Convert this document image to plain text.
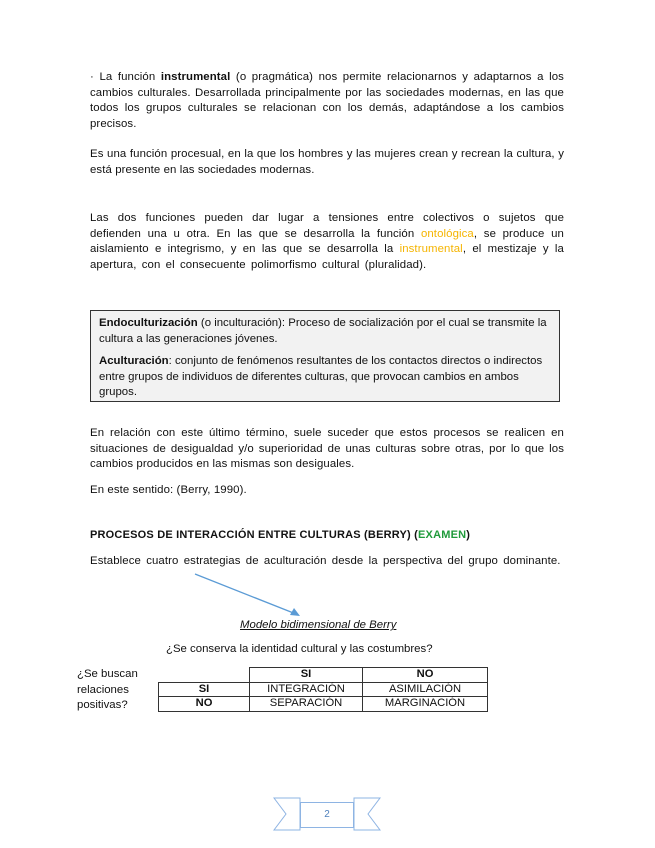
· La función instrumental (o pragmática) nos permite relacionarnos y adaptarnos a los cambios culturales. Desarrollada principalmente por las sociedades modernas, en las que todos los grupos culturales se relacionan con los demás, adaptándose a los cambios precisos.

Es una función procesual, en la que los hombres y las mujeres crean y recrean la cultura, y está presente en las sociedades modernas.

Las dos funciones pueden dar lugar a tensiones entre colectivos o sujetos que defienden una u otra. En las que se desarrolla la función ontológica, se produce un aislamiento e integrismo, y en las que se desarrolla la instrumental, el mestizaje y la apertura, con el consecuente polimorfismo cultural (pluralidad).

Endoculturización (o inculturación): Proceso de socialización por el cual se transmite la cultura a las generaciones jóvenes.

Aculturación: conjunto de fenómenos resultantes de los contactos directos o indirectos entre grupos de individuos de diferentes culturas, que provocan cambios en ambos grupos.

En relación con este último término, suele suceder que estos procesos se realicen en situaciones de desigualdad y/o superioridad de unas culturas sobre otras, por lo que los cambios producidos en las mismas son desiguales.

En este sentido: (Berry, 1990).

PROCESOS DE INTERACCIÓN ENTRE CULTURAS (BERRY) (EXAMEN)

Establece cuatro estrategias de aculturación desde la perspectiva del grupo dominante.

Modelo bidimensional de Berry
¿Se conserva la identidad cultural y las costumbres?
¿Se buscan
relaciones
positivas?
	SI	NO
SI	INTEGRACIÓN	ASIMILACIÓN
NO	SEPARACIÓN	MARGINACIÓN
2
